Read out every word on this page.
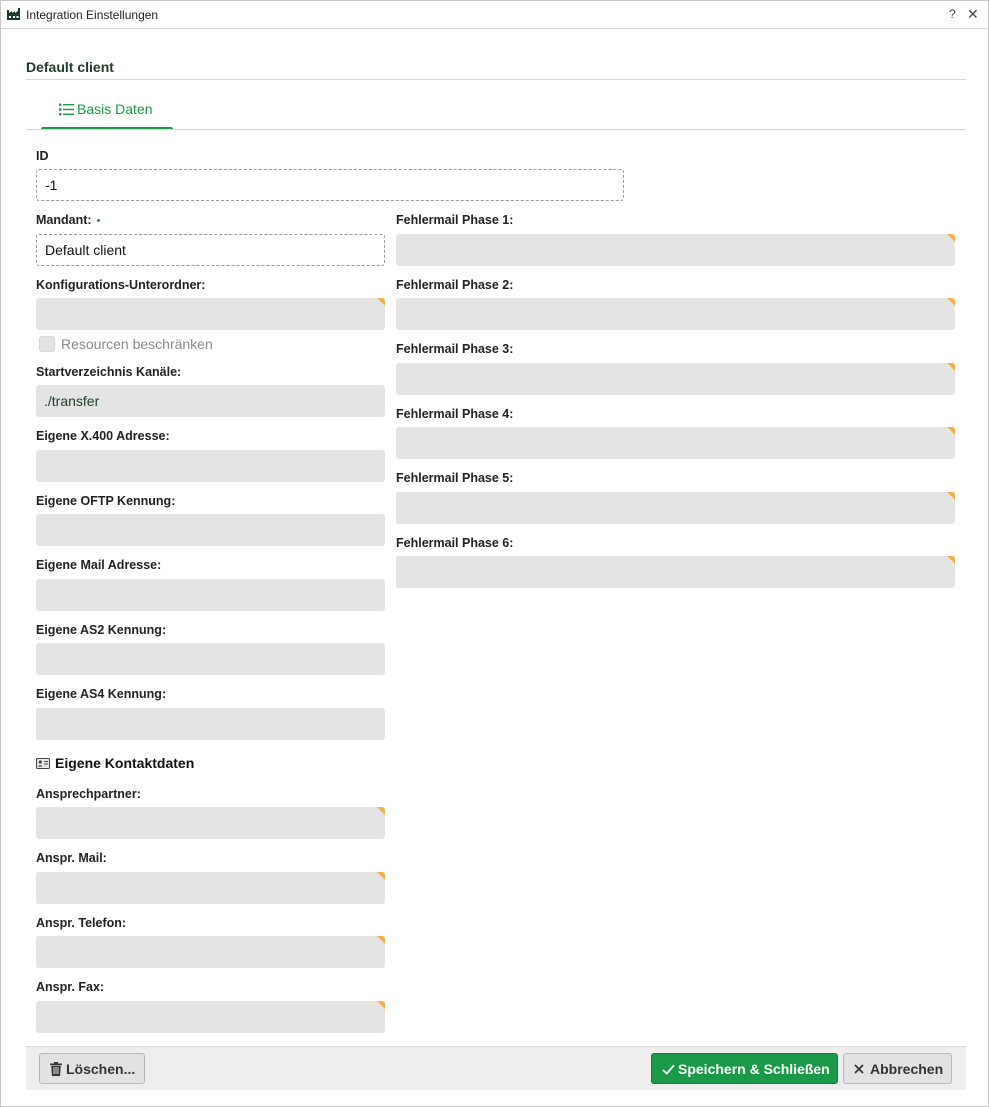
Integration Einstellungen	? ✕
Default client
Basis Daten
ID
-1
Mandant:
Default client
Konfigurations-Unterordner:
Resourcen beschränken
Startverzeichnis Kanäle:
./transfer
Eigene X.400 Adresse:
Eigene OFTP Kennung:
Eigene Mail Adresse:
Eigene AS2 Kennung:
Eigene AS4 Kennung:
Eigene Kontaktdaten
Ansprechpartner:
Anspr. Mail:
Anspr. Telefon:
Anspr. Fax:
Fehlermail Phase 1:
Fehlermail Phase 2:
Fehlermail Phase 3:
Fehlermail Phase 4:
Fehlermail Phase 5:
Fehlermail Phase 6:
Löschen...	Speichern & Schließen	Abbrechen
